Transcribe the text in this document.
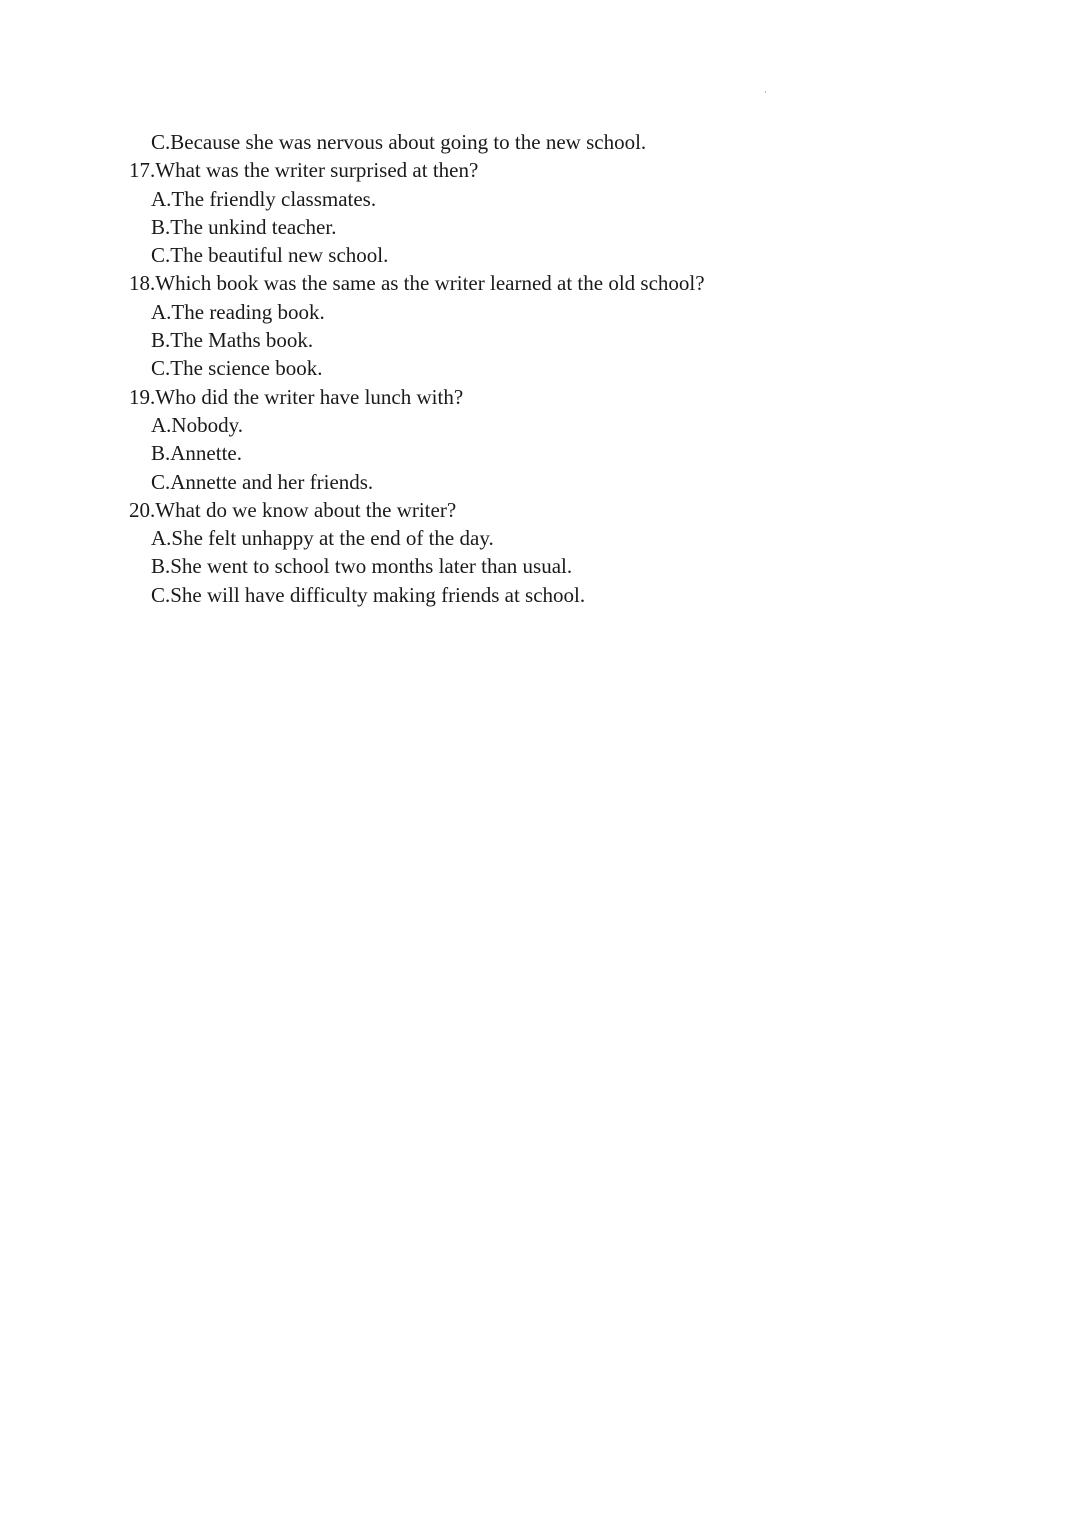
C.Because she was nervous about going to the new school.
17.What was the writer surprised at then?
A.The friendly classmates.
B.The unkind teacher.
C.The beautiful new school.
18.Which book was the same as the writer learned at the old school?
A.The reading book.
B.The Maths book.
C.The science book.
19.Who did the writer have lunch with?
A.Nobody.
B.Annette.
C.Annette and her friends.
20.What do we know about the writer?
A.She felt unhappy at the end of the day.
B.She went to school two months later than usual.
C.She will have difficulty making friends at school.
